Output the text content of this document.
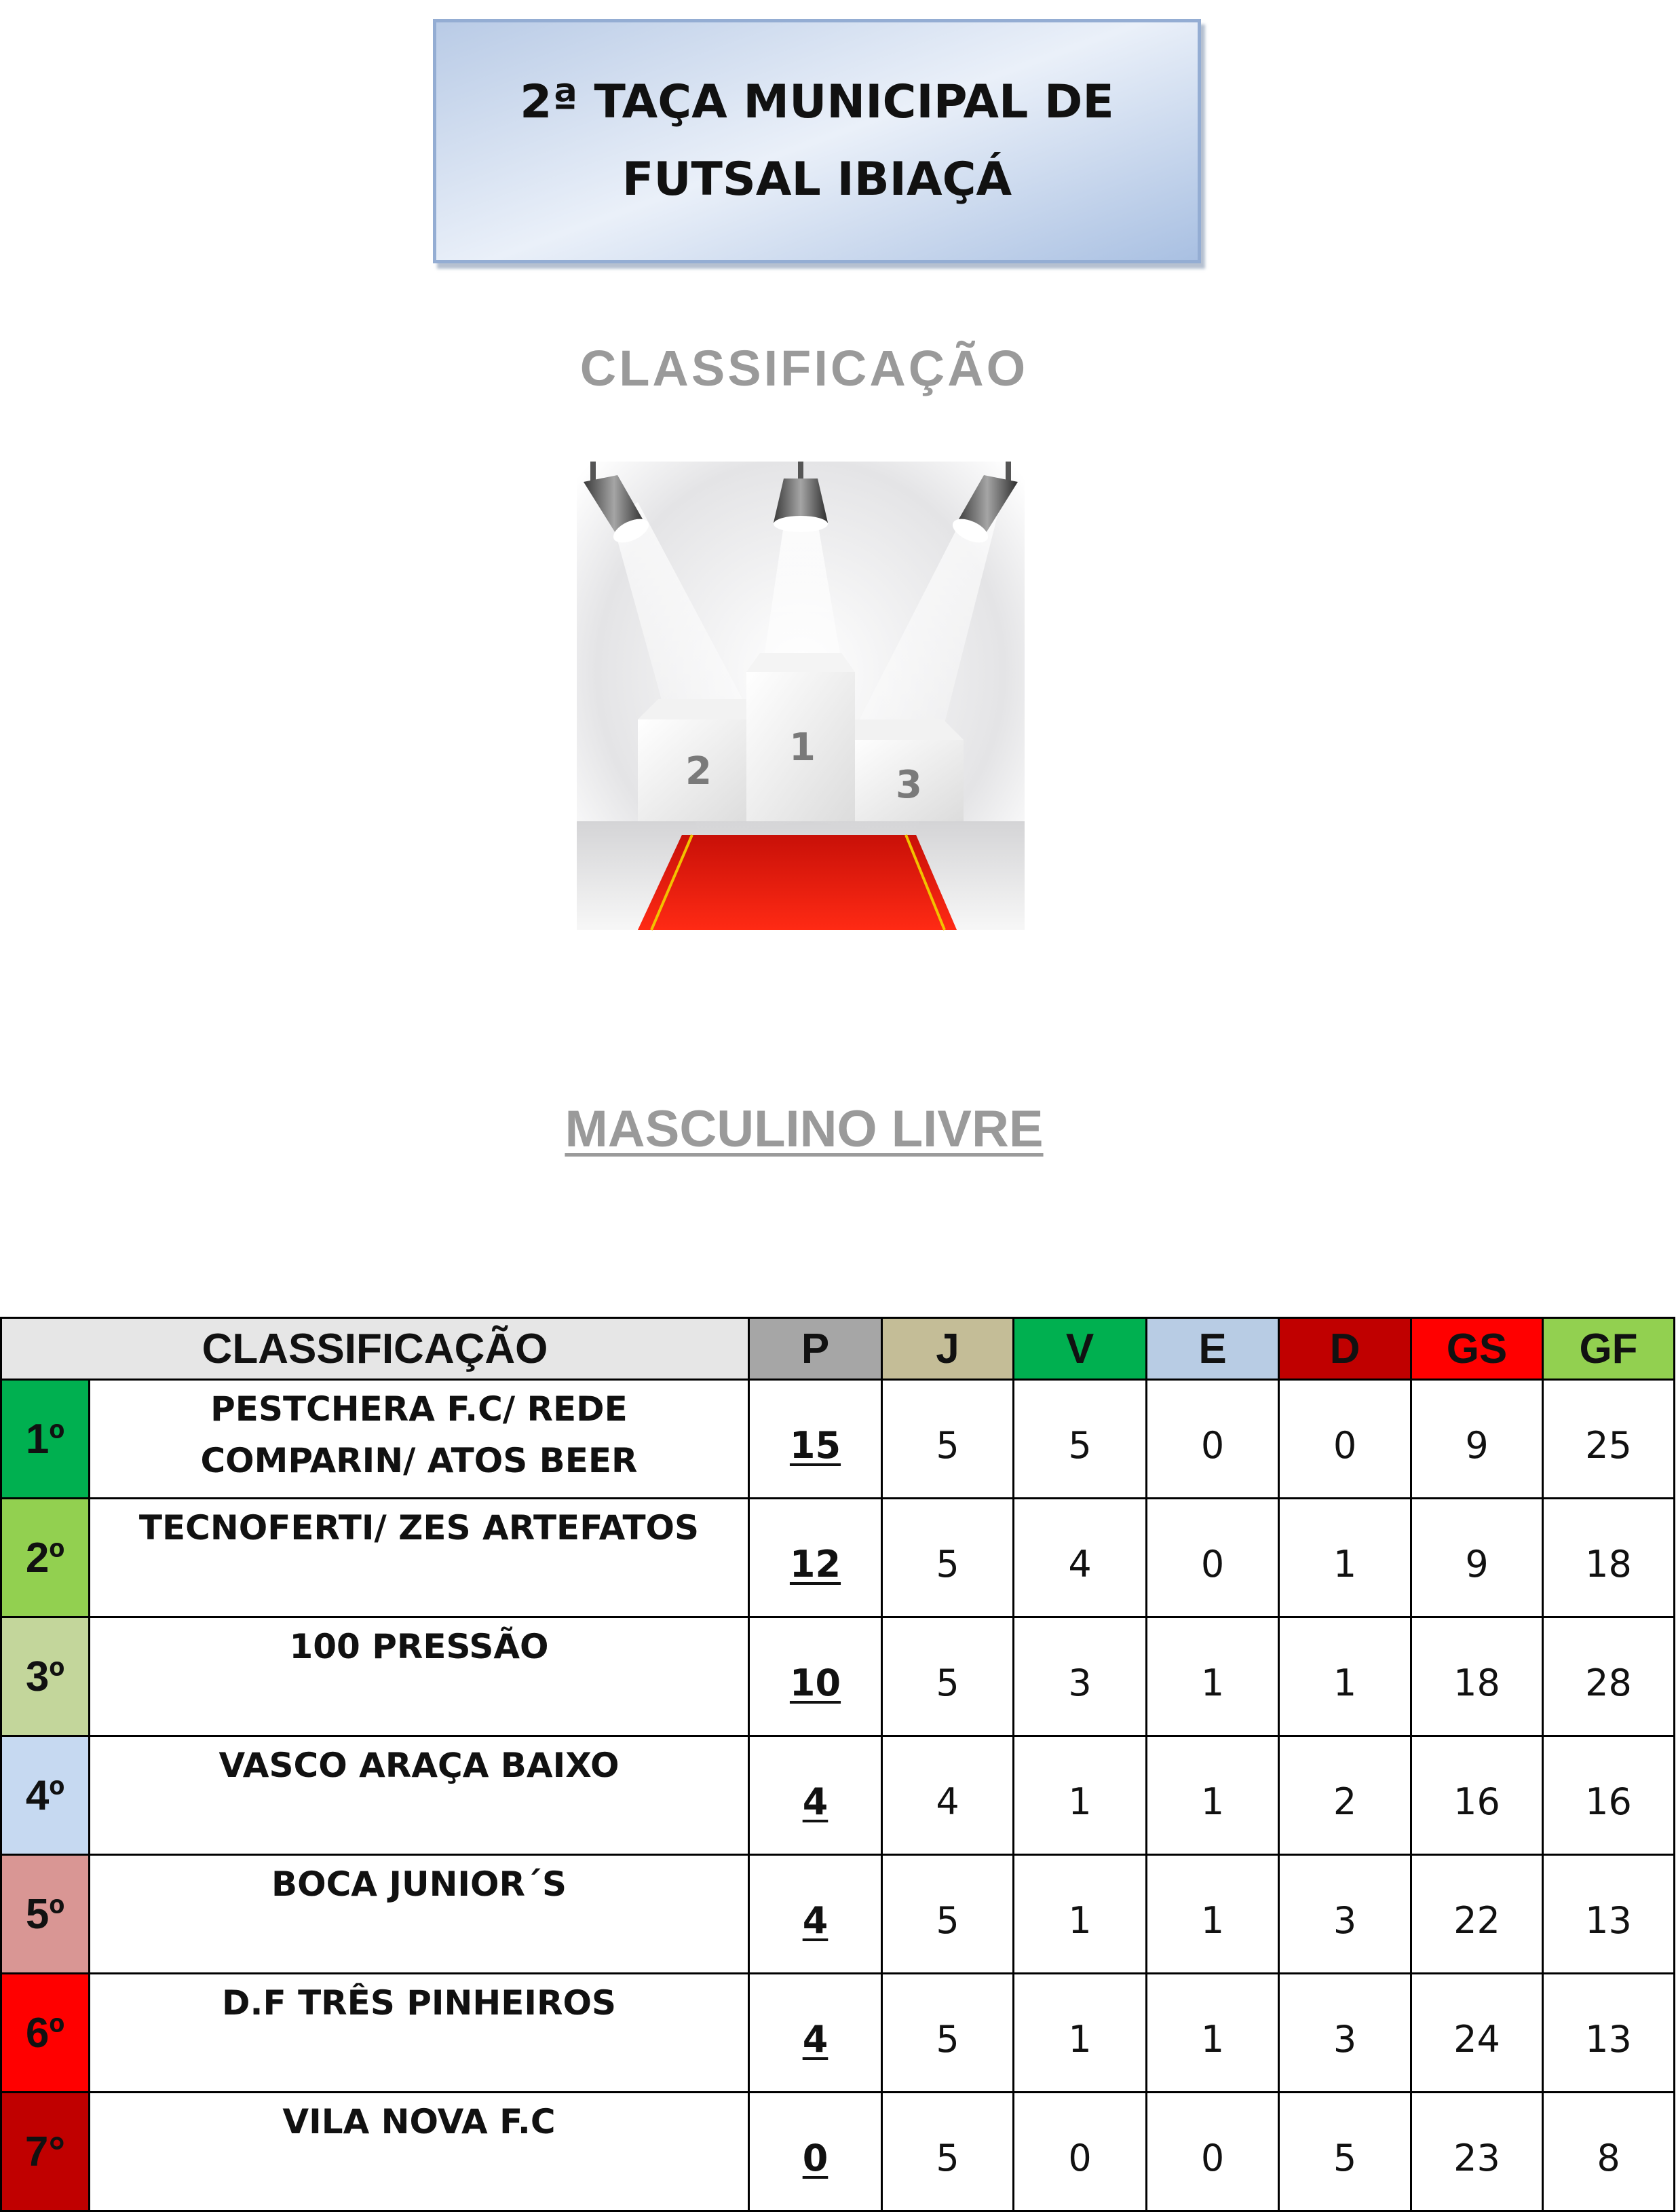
2ª TAÇA MUNICIPAL DE
FUTSAL IBIAÇÁ
CLASSIFICAÇÃO
2	3
1
MASCULINO LIVRE
CLASSIFICAÇÃO		P	J	V	E	D	GS	GF
1º	PESTCHERA F.C/ REDE
COMPARIN/ ATOS BEER	15	5	5	0	0	9	25
2º	TECNOFERTI/ ZES ARTEFATOS	12	5	4	0	1	9	18
3º	100 PRESSÃO	10	5	3	1	1	18	28
4º	VASCO ARAÇA BAIXO	4	4	1	1	2	16	16
5º	BOCA JUNIOR´S	4	5	1	1	3	22	13
6º	D.F TRÊS PINHEIROS	4	5	1	1	3	24	13
7°	VILA NOVA F.C	0	5	0	0	5	23	8
